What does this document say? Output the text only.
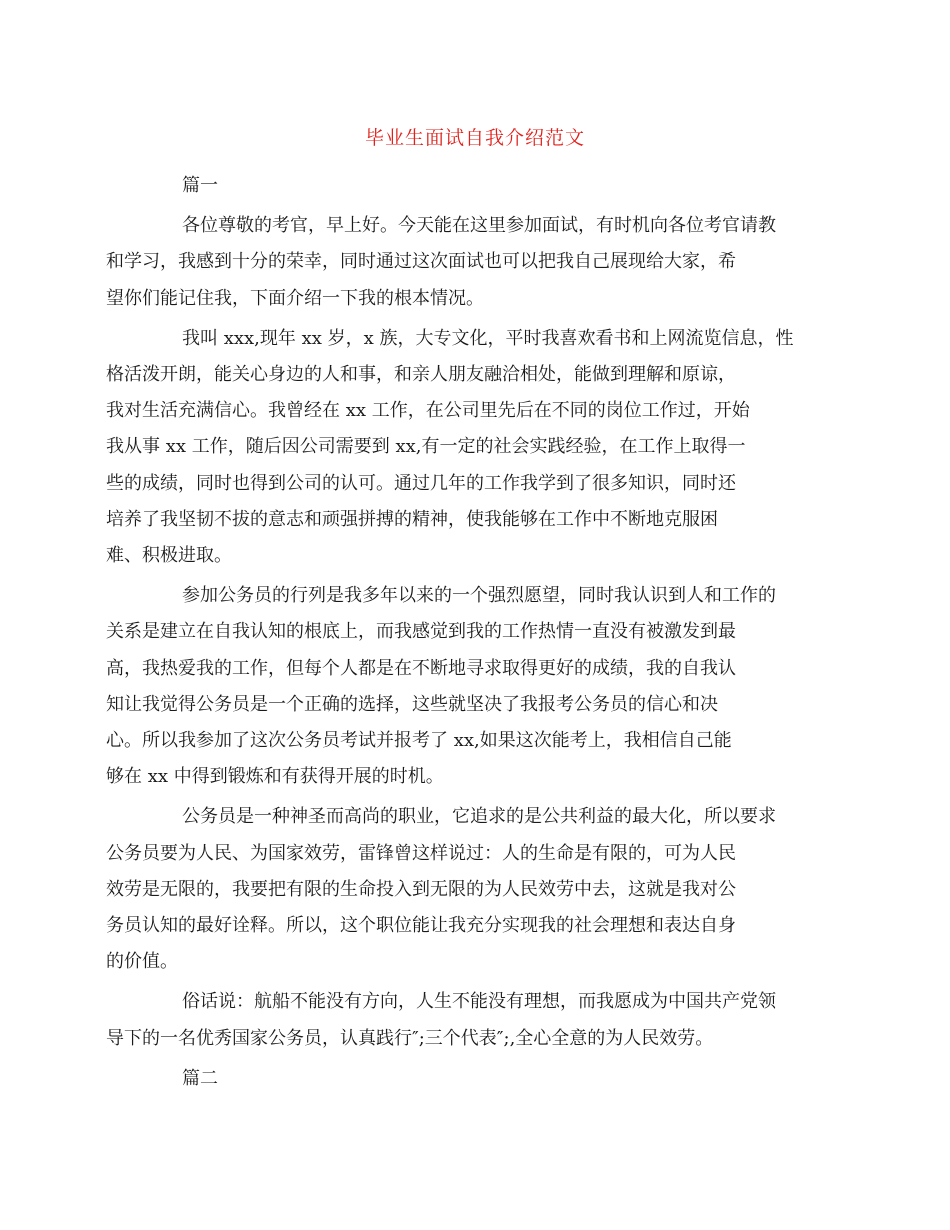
毕业生面试自我介绍范文

篇一

各位尊敬的考官，早上好。今天能在这里参加面试，有时机向各位考官请教
和学习，我感到十分的荣幸，同时通过这次面试也可以把我自己展现给大家，希
望你们能记住我，下面介绍一下我的根本情况。

我叫 xxx,现年 xx 岁，x 族，大专文化，平时我喜欢看书和上网流览信息，性
格活泼开朗，能关心身边的人和事，和亲人朋友融洽相处，能做到理解和原谅，
我对生活充满信心。我曾经在 xx 工作，在公司里先后在不同的岗位工作过，开始
我从事 xx 工作，随后因公司需要到 xx,有一定的社会实践经验，在工作上取得一
些的成绩，同时也得到公司的认可。通过几年的工作我学到了很多知识，同时还
培养了我坚韧不拔的意志和顽强拼搏的精神，使我能够在工作中不断地克服困
难、积极进取。

参加公务员的行列是我多年以来的一个强烈愿望，同时我认识到人和工作的
关系是建立在自我认知的根底上，而我感觉到我的工作热情一直没有被激发到最
高，我热爱我的工作，但每个人都是在不断地寻求取得更好的成绩，我的自我认
知让我觉得公务员是一个正确的选择，这些就坚决了我报考公务员的信心和决
心。所以我参加了这次公务员考试并报考了 xx,如果这次能考上，我相信自己能
够在 xx 中得到锻炼和有获得开展的时机。

公务员是一种神圣而高尚的职业，它追求的是公共利益的最大化，所以要求
公务员要为人民、为国家效劳，雷锋曾这样说过：人的生命是有限的，可为人民
效劳是无限的，我要把有限的生命投入到无限的为人民效劳中去，这就是我对公
务员认知的最好诠释。所以，这个职位能让我充分实现我的社会理想和表达自身
的价值。

俗话说：航船不能没有方向，人生不能没有理想，而我愿成为中国共产党领
导下的一名优秀国家公务员，认真践行″;三个代表″;,全心全意的为人民效劳。

篇二
